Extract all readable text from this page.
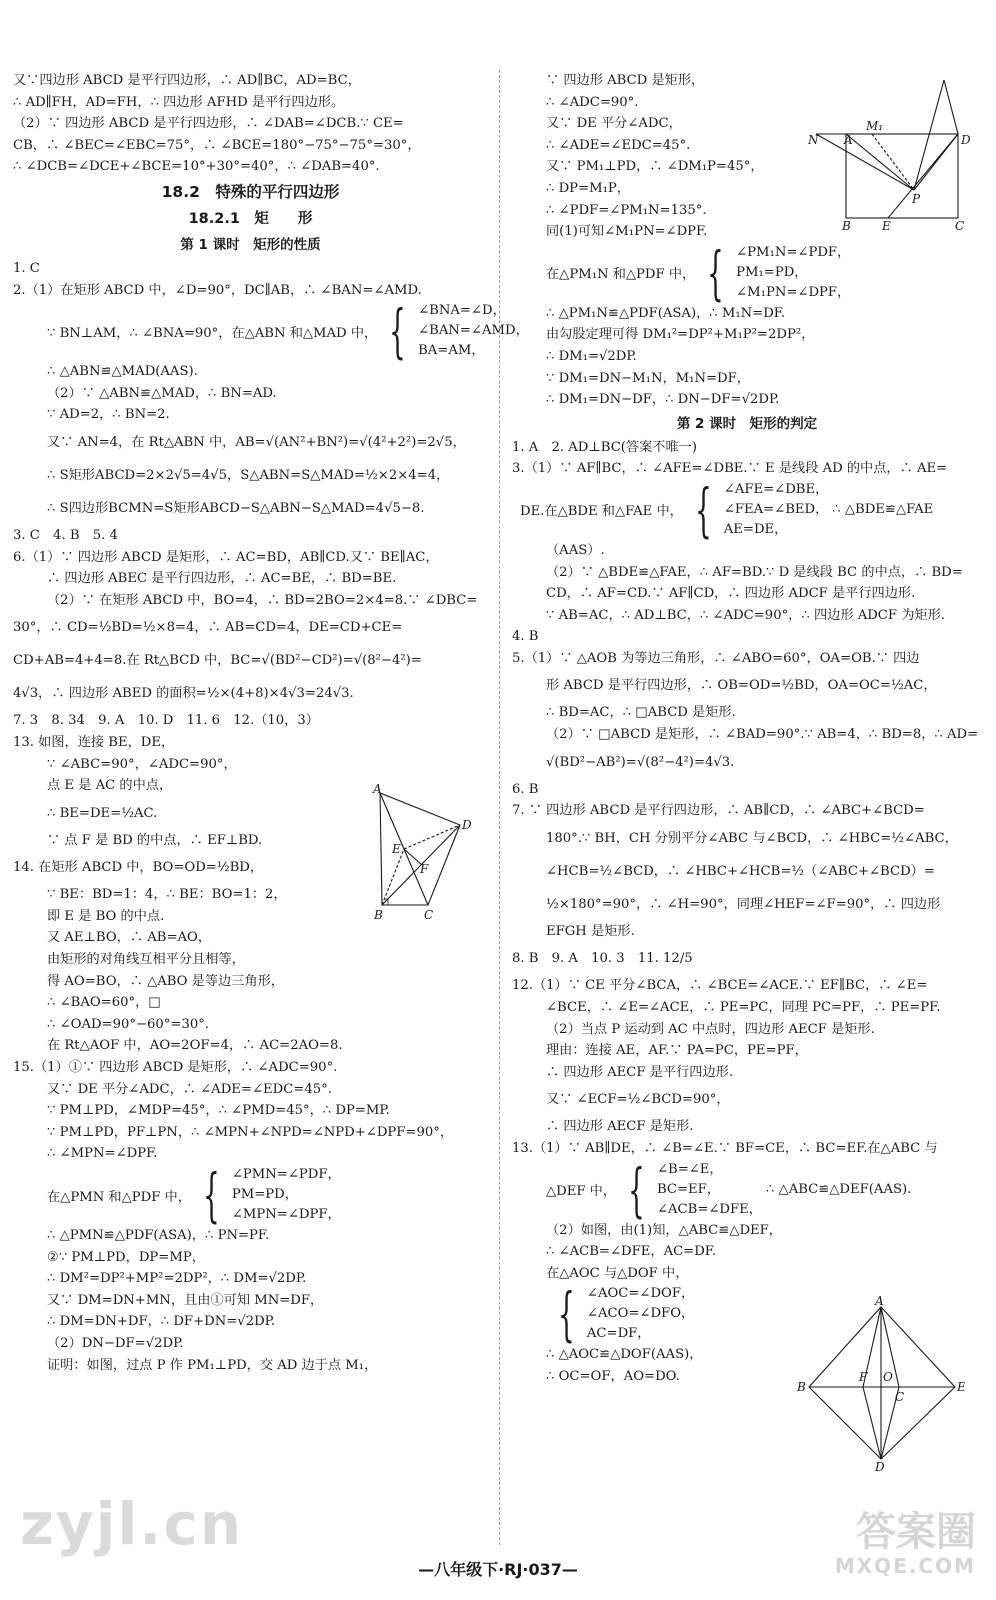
又∵四边形 ABCD 是平行四边形，∴ AD∥BC，AD=BC，
∴ AD∥FH，AD=FH，∴ 四边形 AFHD 是平行四边形。
（2）∵ 四边形 ABCD 是平行四边形，∴ ∠DAB=∠DCB.∵ CE=
CB，∴ ∠BEC=∠EBC=75°，∴ ∠BCE=180°−75°−75°=30°，
∴ ∠DCB=∠DCE+∠BCE=10°+30°=40°，∴ ∠DAB=40°.
18.2　特殊的平行四边形
18.2.1　矩　　形
第 1 课时　矩形的性质
1. C
2.（1）在矩形 ABCD 中，∠D=90°，DC∥AB，∴ ∠BAN=∠AMD.
∵ BN⊥AM，∴ ∠BNA=90°，在△ABN 和△MAD 中， { ∠BNA=∠D，
∠BAN=∠AMD，
BA=AM，
∴ △ABN≌△MAD(AAS).
（2）∵ △ABN≌△MAD，∴ BN=AD.
∵ AD=2，∴ BN=2.
又∵ AN=4，在 Rt△ABN 中，AB=√(AN²+BN²)=√(4²+2²)=2√5，
∴ S矩形ABCD=2×2√5=4√5，S△ABN=S△MAD=½×2×4=4，
∴ S四边形BCMN=S矩形ABCD−S△ABN−S△MAD=4√5−8.
3. C　4. B　5. 4
6.（1）∵ 四边形 ABCD 是矩形，∴ AC=BD，AB∥CD.又∵ BE∥AC，
∴ 四边形 ABEC 是平行四边形，∴ AC=BE，∴ BD=BE.
（2）∵ 在矩形 ABCD 中，BO=4，∴ BD=2BO=2×4=8.∵ ∠DBC=
30°，∴ CD=½BD=½×8=4，∴ AB=CD=4，DE=CD+CE=
CD+AB=4+4=8.在 Rt△BCD 中，BC=√(BD²−CD²)=√(8²−4²)=
4√3，∴ 四边形 ABED 的面积=½×(4+8)×4√3=24√3.
7. 3　8. 34　9. A　10. D　11. 6　12.（10，3）
13. 如图，连接 BE，DE，
∵ ∠ABC=90°，∠ADC=90°，
点 E 是 AC 的中点，
∴ BE=DE=½AC.
∵ 点 F 是 BD 的中点，∴ EF⊥BD.
14. 在矩形 ABCD 中，BO=OD=½BD，
∵ BE：BD=1：4，∴ BE：BO=1：2，
即 E 是 BO 的中点.
又 AE⊥BO，∴ AB=AO，
由矩形的对角线互相平分且相等，
得 AO=BO，∴ △ABO 是等边三角形，
∴ ∠BAO=60°，□
∴ ∠OAD=90°−60°=30°.
在 Rt△AOF 中，AO=2OF=4，∴ AC=2AO=8.
15.（1）①∵ 四边形 ABCD 是矩形，∴ ∠ADC=90°.
又∵ DE 平分∠ADC，∴ ∠ADE=∠EDC=45°.
∵ PM⊥PD，∠MDP=45°，∴ ∠PMD=45°，∴ DP=MP.
∵ PM⊥PD，PF⊥PN，∴ ∠MPN+∠NPD=∠NPD+∠DPF=90°，
∴ ∠MPN=∠DPF.
在△PMN 和△PDF 中， { ∠PMN=∠PDF，
PM=PD，
∠MPN=∠DPF，
∴ △PMN≌△PDF(ASA)，∴ PN=PF.
②∵ PM⊥PD，DP=MP，
∴ DM²=DP²+MP²=2DP²，∴ DM=√2DP.
又∵ DM=DN+MN，且由①可知 MN=DF，
∴ DM=DN+DF，∴ DF+DN=√2DP.
（2）DN−DF=√2DP.
证明：如图，过点 P 作 PM₁⊥PD，交 AD 边于点 M₁，
A
D
E
F
B	C
∵ 四边形 ABCD 是矩形，
∴ ∠ADC=90°.
又∵ DE 平分∠ADC，
∴ ∠ADE=∠EDC=45°.
又∵ PM₁⊥PD，∴ ∠DM₁P=45°，
∴ DP=M₁P，
∴ ∠PDF=∠PM₁N=135°.
同(1)可知∠M₁PN=∠DPF.
在△PM₁N 和△PDF 中， { ∠PM₁N=∠PDF，
PM₁=PD，
∠M₁PN=∠DPF，
∴ △PM₁N≌△PDF(ASA)，∴ M₁N=DF.
由勾股定理可得 DM₁²=DP²+M₁P²=2DP²，
∴ DM₁=√2DP.
∵ DM₁=DN−M₁N，M₁N=DF，
∴ DM₁=DN−DF，∴ DN−DF=√2DP.
第 2 课时　矩形的判定
1. A　2. AD⊥BC(答案不唯一)
3.（1）∵ AF∥BC，∴ ∠AFE=∠DBE.∵ E 是线段 AD 的中点，∴ AE=
DE.在△BDE 和△FAE 中， { ∠AFE=∠DBE，
∠FEA=∠BED，
AE=DE，
∴ △BDE≌△FAE
（AAS）.
（2）∵ △BDE≌△FAE，∴ AF=BD.∵ D 是线段 BC 的中点，∴ BD=
CD，∴ AF=CD.∵ AF∥CD，∴ 四边形 ADCF 是平行四边形.
∵ AB=AC，∴ AD⊥BC，∴ ∠ADC=90°，∴ 四边形 ADCF 为矩形.
4. B
5.（1）∵ △AOB 为等边三角形，∴ ∠ABO=60°，OA=OB.∵ 四边
形 ABCD 是平行四边形，∴ OB=OD=½BD，OA=OC=½AC，
∴ BD=AC，∴ □ABCD 是矩形.
（2）∵ □ABCD 是矩形，∴ ∠BAD=90°.∵ AB=4，∴ BD=8，∴ AD=
√(BD²−AB²)=√(8²−4²)=4√3.
6. B
7. ∵ 四边形 ABCD 是平行四边形，∴ AB∥CD，∴ ∠ABC+∠BCD=
180°.∵ BH，CH 分别平分∠ABC 与∠BCD，∴ ∠HBC=½∠ABC，
∠HCB=½∠BCD，∴ ∠HBC+∠HCB=½（∠ABC+∠BCD）=
½×180°=90°，∴ ∠H=90°，同理∠HEF=∠F=90°，∴ 四边形
EFGH 是矩形.
8. B　9. A　10. 3　11. 12/5
12.（1）∵ CE 平分∠BCA，∴ ∠BCE=∠ACE.∵ EF∥BC，∴ ∠E=
∠BCE，∴ ∠E=∠ACE，∴ PE=PC，同理 PC=PF，∴ PE=PF.
（2）当点 P 运动到 AC 中点时，四边形 AECF 是矩形.
理由：连接 AE，AF.∵ PA=PC，PE=PF，
∴ 四边形 AECF 是平行四边形.
又∵ ∠ECF=½∠BCD=90°，
∴ 四边形 AECF 是矩形.
13.（1）∵ AB∥DE，∴ ∠B=∠E.∵ BF=CE，∴ BC=EF.在△ABC 与
△DEF 中， { ∠B=∠E，
BC=EF，
∠ACB=∠DFE，
∴ △ABC≌△DEF(AAS).
（2）如图，由(1)知，△ABC≌△DEF，
∴ ∠ACB=∠DFE，AC=DF.
在△AOC 与△DOF 中，
{ ∠AOC=∠DOF，
∠ACO=∠DFO，
AC=DF，
∴ △AOC≌△DOF(AAS)，
∴ OC=OF，AO=DO.
N A
M₁
D
P
B	E	C
A
B
F O
C
E
D
zyjl.cn	答案圈
MXQE.COM
—八年级下·RJ·037—
